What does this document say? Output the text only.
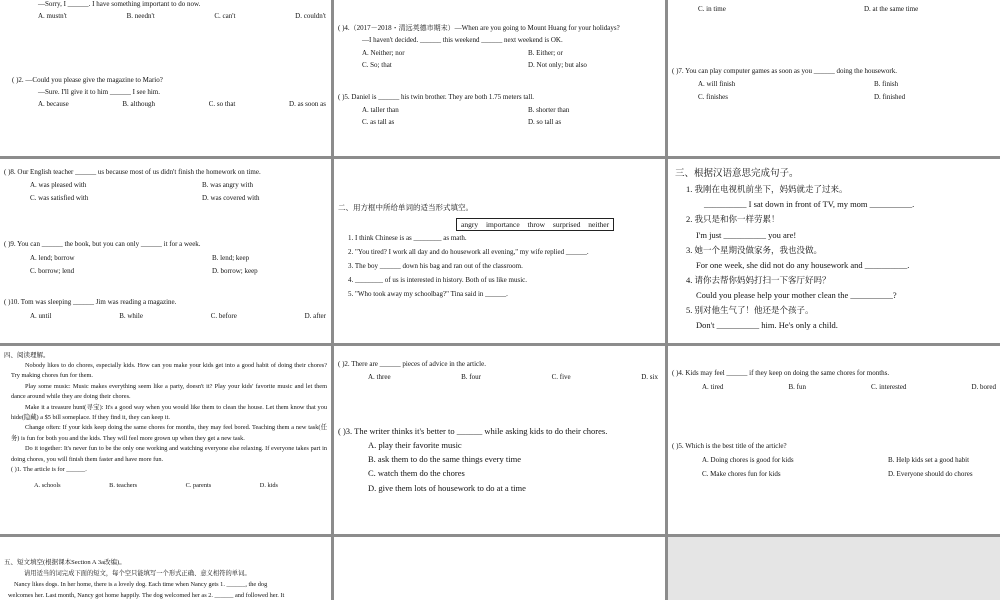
—Sorry, I ______. I have something important to do now.
A. mustn't	B. needn't	C. can't	D. couldn't
( )2. —Could you please give the magazine to Mario?
—Sure. I'll give it to him ______ I see him.
A. because	B. although	C. so that	D. as soon as
( )4.（2017－2018・清远英德市期末）—When are you going to Mount Huang for your holidays?
—I haven't decided. ______ this weekend ______ next weekend is OK.
A. Neither; nor	B. Either; or
C. So; that	D. Not only; but also
( )5. Daniel is ______ his twin brother. They are both 1.75 meters tall.
A. taller than	B. shorter than
C. as tall as	D. so tall as
C. in time	D. at the same time
( )7. You can play computer games as soon as you ______ doing the housework.
A. will finish	B. finish
C. finishes	D. finished
( )8. Our English teacher ______ us because most of us didn't finish the homework on time.
A. was pleased with	B. was angry with
C. was satisfied with	D. was covered with
( )9. You can ______ the book, but you can only ______ it for a week.
A. lend; borrow	B. lend; keep
C. borrow; lend	D. borrow; keep
( )10. Tom was sleeping ______ Jim was reading a magazine.
A. until	B. while	C. before	D. after
二、用方框中所给单词的适当形式填空。
angry importance throw surprised neither
1. I think Chinese is as ________ as math.
2. "You tired? I work all day and do housework all evening," my wife replied ______.
3. The boy ______ down his bag and ran out of the classroom.
4. ________ of us is interested in history. Both of us like music.
5. "Who took away my schoolbag?" Tina said in ______.
三、根据汉语意思完成句子。
1. 我刚在电视机前坐下，妈妈就走了过来。
__________ I sat down in front of TV, my mom __________.
2. 我只是和你一样劳累！
I'm just __________ you are!
3. 她一个星期没做家务，我也没做。
For one week, she did not do any housework and __________.
4. 请你去帮你妈妈打扫一下客厅好吗？
Could you please help your mother clean the __________?
5. 别对他生气了！他还是个孩子。
Don't __________ him. He's only a child.
四、阅读理解。

Nobody likes to do chores, especially kids. How can you make your kids get into a good habit of doing their chores? Try making chores fun for them.

Play some music: Music makes everything seem like a party, doesn't it? Play your kids' favorite music and let them dance around while they are doing their chores.

Make it a treasure hunt(寻宝): It's a good way when you would like them to clean the house. Let them know that you hide(隐藏) a $5 bill someplace. If they find it, they can keep it.

Change often: If your kids keep doing the same chores for months, they may feel bored. Teaching them a new task(任务) is fun for both you and the kids. They will feel more grown up when they get a new task.

Do it together: It's never fun to be the only one working and watching everyone else relaxing. If everyone takes part in doing chores, you will finish them faster and have more fun.

( )1. The article is for ______.

A. schools	B. teachers	C. parents	D. kids
( )2. There are ______ pieces of advice in the article.
A. three	B. four	C. five	D. six
( )3. The writer thinks it's better to ______ while asking kids to do their chores.
A. play their favorite music
B. ask them to do the same things every time
C. watch them do the chores
D. give them lots of housework to do at a time
( )4. Kids may feel ______ if they keep on doing the same chores for months.
A. tired	B. fun	C. interested	D. bored
( )5. Which is the best title of the article?
A. Doing chores is good for kids	B. Help kids set a good habit
C. Make chores fun for kids	D. Everyone should do chores
五、短文填空(根据课本Section A 3a改编)。
请用适当的词完成下面的短文，每个空只能填写一个形式正确、意义相符的单词。
Nancy likes dogs. In her home, there is a lovely dog. Each time when Nancy gets 1. ______, the dog
welcomes her. Last month, Nancy got home happily. The dog welcomed her as 2. ______ and followed her. It
